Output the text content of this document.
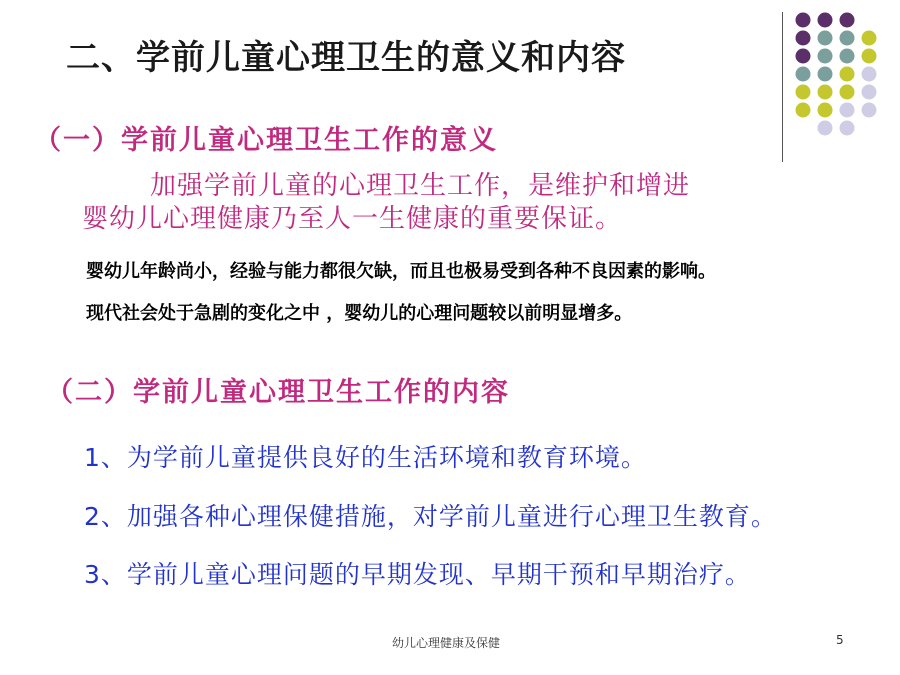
二、学前儿童心理卫生的意义和内容
（一）学前儿童心理卫生工作的意义
加强学前儿童的心理卫生工作，是维护和增进
婴幼儿心理健康乃至人一生健康的重要保证。
婴幼儿年龄尚小，经验与能力都很欠缺，而且也极易受到各种不良因素的影响。
现代社会处于急剧的变化之中 ，婴幼儿的心理问题较以前明显增多。
（二）学前儿童心理卫生工作的内容
1、为学前儿童提供良好的生活环境和教育环境。
2、加强各种心理保健措施，对学前儿童进行心理卫生教育。
3、学前儿童心理问题的早期发现、早期干预和早期治疗。
幼儿心理健康及保健	5
